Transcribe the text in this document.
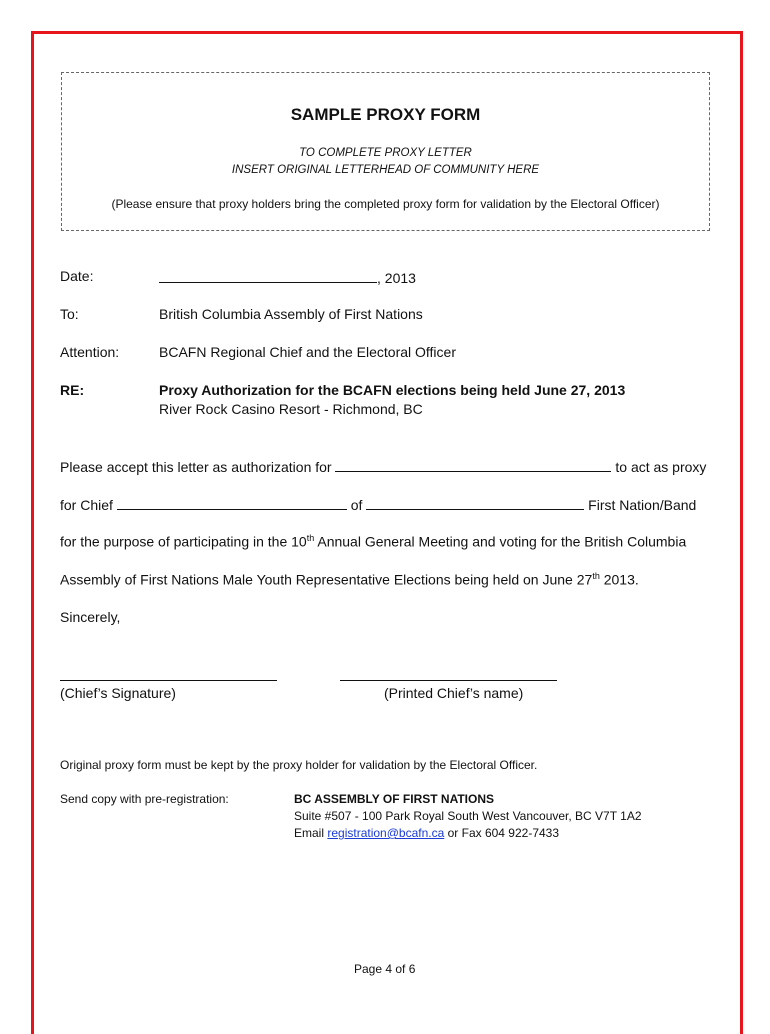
SAMPLE PROXY FORM
TO COMPLETE PROXY LETTER
INSERT ORIGINAL LETTERHEAD OF COMMUNITY HERE
(Please ensure that proxy holders bring the completed proxy form for validation by the Electoral Officer)
Date:	, 2013
To:	British Columbia Assembly of First Nations
Attention:	BCAFN Regional Chief and the Electoral Officer
RE:	Proxy Authorization for the BCAFN elections being held June 27, 2013
River Rock Casino Resort - Richmond, BC
Please accept this letter as authorization for	to act as proxy
for Chief	of	First Nation/Band
for the purpose of participating in the 10th Annual General Meeting and voting for the British Columbia
Assembly of First Nations Male Youth Representative Elections being held on June 27th 2013.
Sincerely,
(Chief’s Signature)	(Printed Chief’s name)
Original proxy form must be kept by the proxy holder for validation by the Electoral Officer.
Send copy with pre-registration:	BC ASSEMBLY OF FIRST NATIONS
Suite #507 - 100 Park Royal South West Vancouver, BC V7T 1A2
Email registration@bcafn.ca or Fax 604 922-7433
Page 4 of 6
